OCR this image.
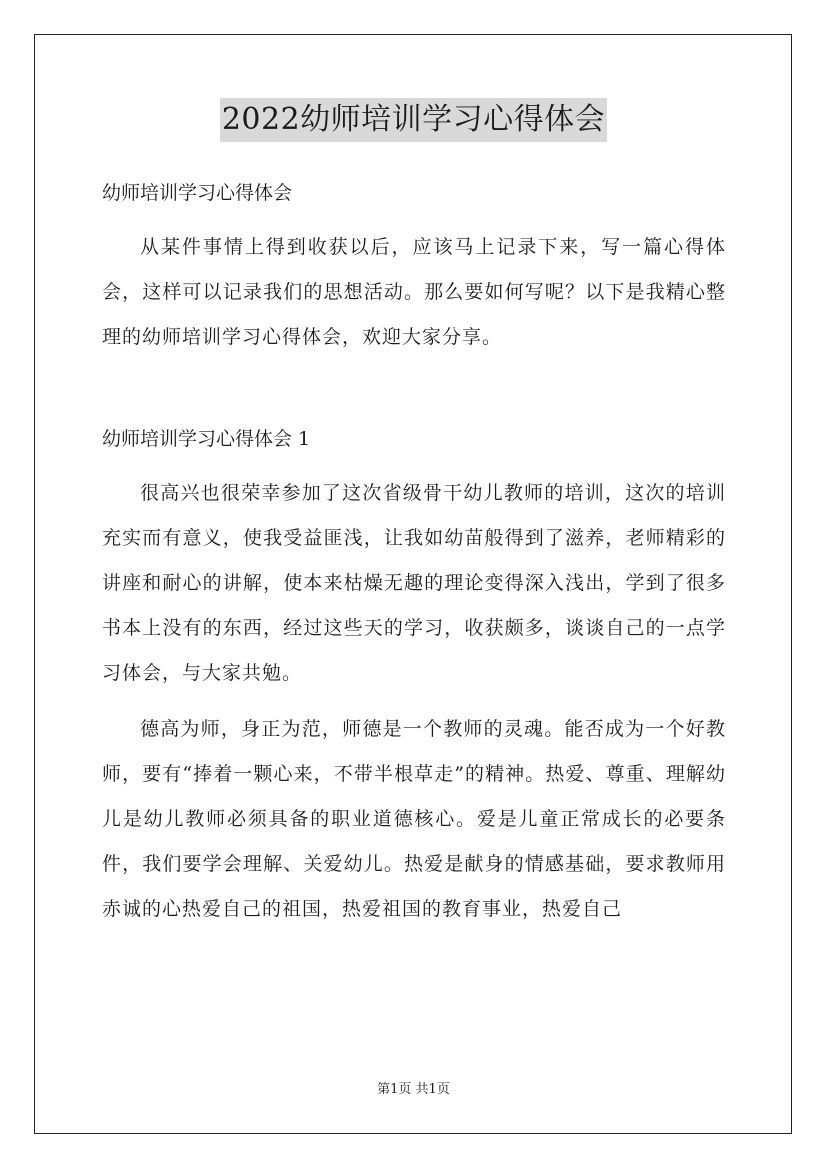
2022幼师培训学习心得体会

幼师培训学习心得体会

从某件事情上得到收获以后，应该马上记录下来，写一篇心得体会，这样可以记录我们的思想活动。那么要如何写呢？以下是我精心整理的幼师培训学习心得体会，欢迎大家分享。

幼师培训学习心得体会 1

很高兴也很荣幸参加了这次省级骨干幼儿教师的培训，这次的培训充实而有意义，使我受益匪浅，让我如幼苗般得到了滋养，老师精彩的讲座和耐心的讲解，使本来枯燥无趣的理论变得深入浅出，学到了很多书本上没有的东西，经过这些天的学习，收获颇多，谈谈自己的一点学习体会，与大家共勉。

德高为师，身正为范，师德是一个教师的灵魂。能否成为一个好教师，要有“捧着一颗心来，不带半根草走”的精神。热爱、尊重、理解幼儿是幼儿教师必须具备的职业道德核心。爱是儿童正常成长的必要条件，我们要学会理解、关爱幼儿。热爱是献身的情感基础，要求教师用赤诚的心热爱自己的祖国，热爱祖国的教育事业，热爱自己

第1页 共1页
